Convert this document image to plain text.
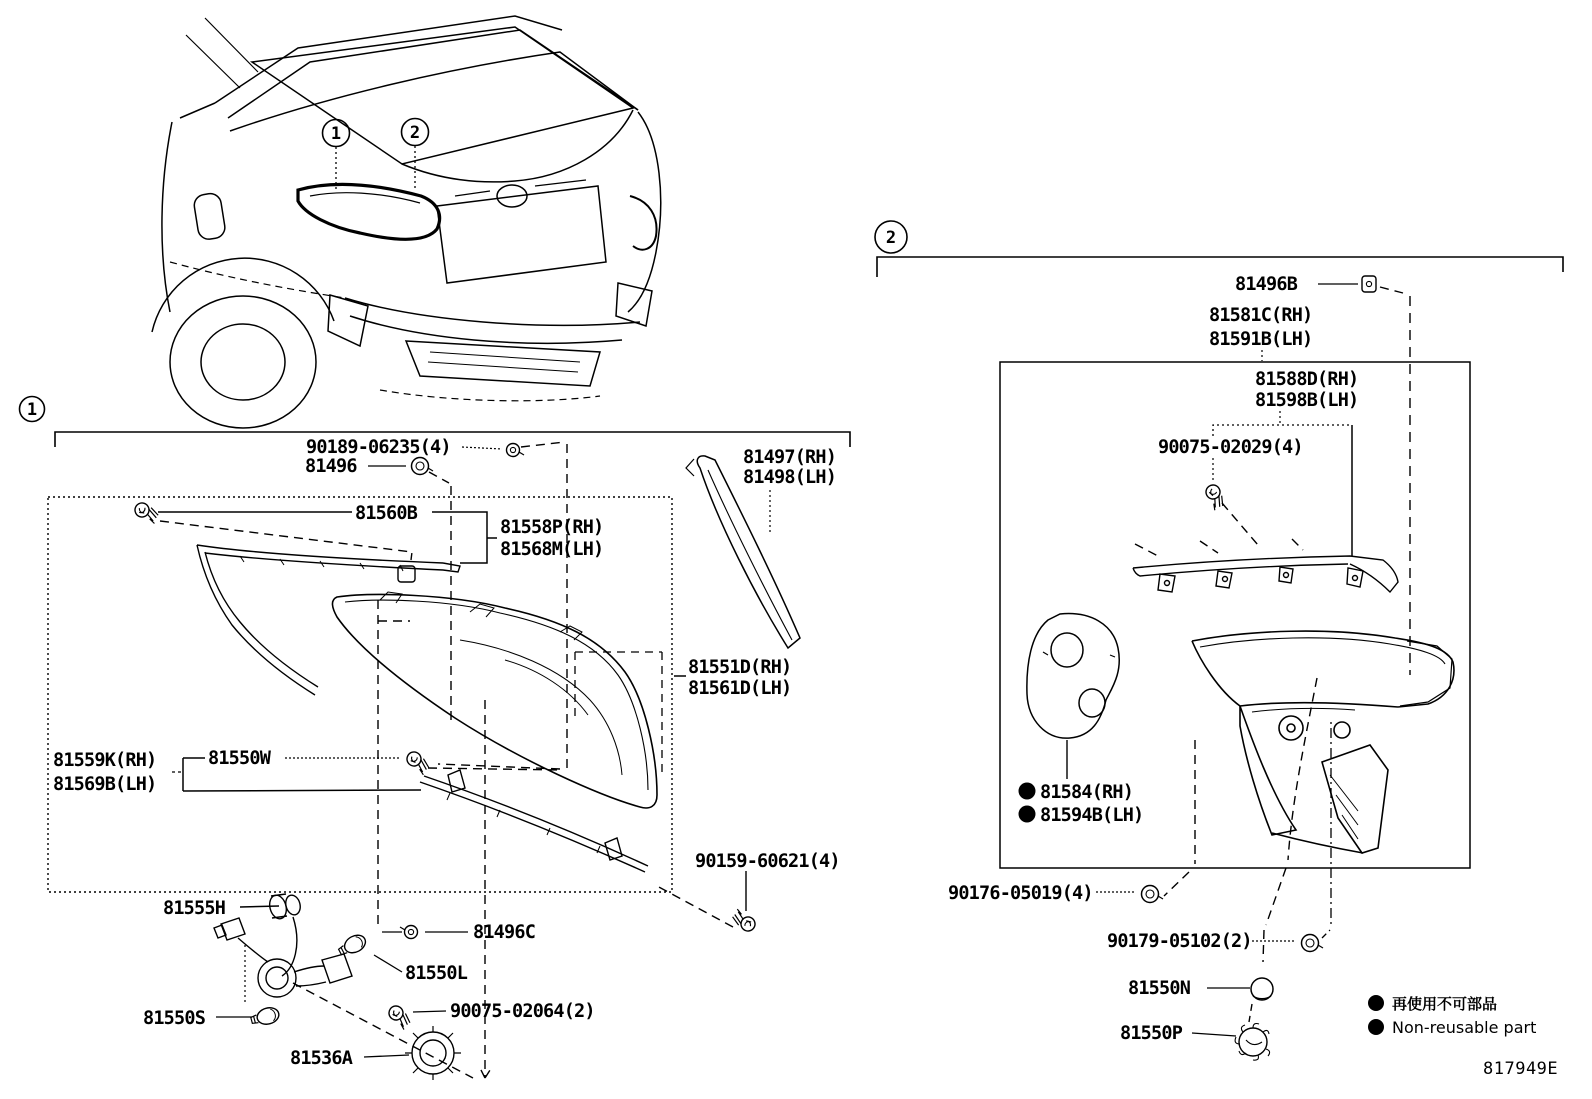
1	2
1
2
90189-06235(4)
81496
81560B
81558P(RH)
81568M(LH)
81497(RH)
81498(LH)
81551D(RH)
81561D(LH)
81559K(RH)
81569B(LH)
81550W
81555H
81496C
81550L
81550S	90075-02064(2)
81536A
90159-60621(4)
81496B
81581C(RH)
81591B(LH)
81588D(RH)
81598B(LH)
90075-02029(4)
81584(RH)
81594B(LH)
90176-05019(4)
90179-05102(2)
81550N
81550P
再使用不可部品
Non-reusable part
817949E
